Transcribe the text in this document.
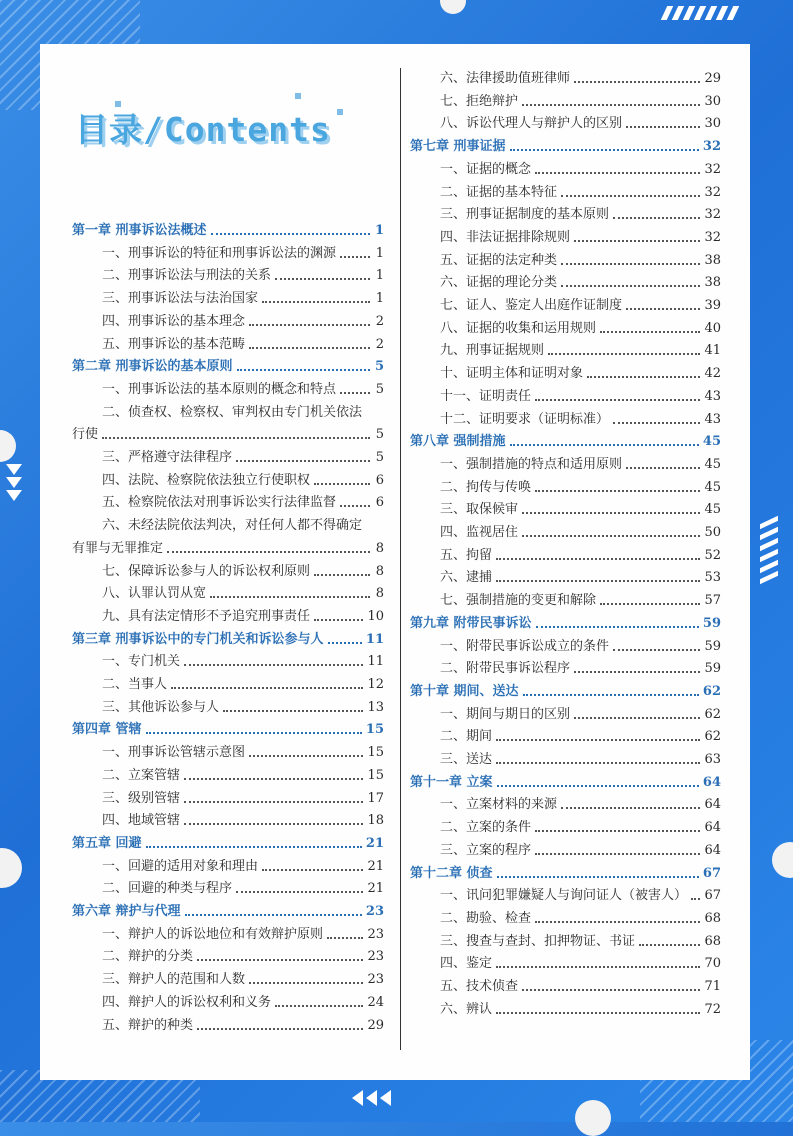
目录/Contents
第一章 刑事诉讼法概述	1
一、刑事诉讼的特征和刑事诉讼法的渊源	1
二、刑事诉讼法与刑法的关系	1
三、刑事诉讼法与法治国家	1
四、刑事诉讼的基本理念	2
五、刑事诉讼的基本范畴	2
第二章 刑事诉讼的基本原则	5
一、刑事诉讼法的基本原则的概念和特点	5
二、侦查权、检察权、审判权由专门机关依法
行使	5
三、严格遵守法律程序	5
四、法院、检察院依法独立行使职权	6
五、检察院依法对刑事诉讼实行法律监督	6
六、未经法院依法判决，对任何人都不得确定
有罪与无罪推定	8
七、保障诉讼参与人的诉讼权利原则	8
八、认罪认罚从宽	8
九、具有法定情形不予追究刑事责任	10
第三章 刑事诉讼中的专门机关和诉讼参与人	11
一、专门机关	11
二、当事人	12
三、其他诉讼参与人	13
第四章 管辖	15
一、刑事诉讼管辖示意图	15
二、立案管辖	15
三、级别管辖	17
四、地域管辖	18
第五章 回避	21
一、回避的适用对象和理由	21
二、回避的种类与程序	21
第六章 辩护与代理	23
一、辩护人的诉讼地位和有效辩护原则	23
二、辩护的分类	23
三、辩护人的范围和人数	23
四、辩护人的诉讼权利和义务	24
五、辩护的种类	29
六、法律援助值班律师	29
七、拒绝辩护	30
八、诉讼代理人与辩护人的区别	30
第七章 刑事证据	32
一、证据的概念	32
二、证据的基本特征	32
三、刑事证据制度的基本原则	32
四、非法证据排除规则	32
五、证据的法定种类	38
六、证据的理论分类	38
七、证人、鉴定人出庭作证制度	39
八、证据的收集和运用规则	40
九、刑事证据规则	41
十、证明主体和证明对象	42
十一、证明责任	43
十二、证明要求（证明标准）	43
第八章 强制措施	45
一、强制措施的特点和适用原则	45
二、拘传与传唤	45
三、取保候审	45
四、监视居住	50
五、拘留	52
六、逮捕	53
七、强制措施的变更和解除	57
第九章 附带民事诉讼	59
一、附带民事诉讼成立的条件	59
二、附带民事诉讼程序	59
第十章 期间、送达	62
一、期间与期日的区别	62
二、期间	62
三、送达	63
第十一章 立案	64
一、立案材料的来源	64
二、立案的条件	64
三、立案的程序	64
第十二章 侦查	67
一、讯问犯罪嫌疑人与询问证人（被害人） 67
二、勘验、检查	68
三、搜查与查封、扣押物证、书证	68
四、鉴定	70
五、技术侦查	71
六、辨认	72
